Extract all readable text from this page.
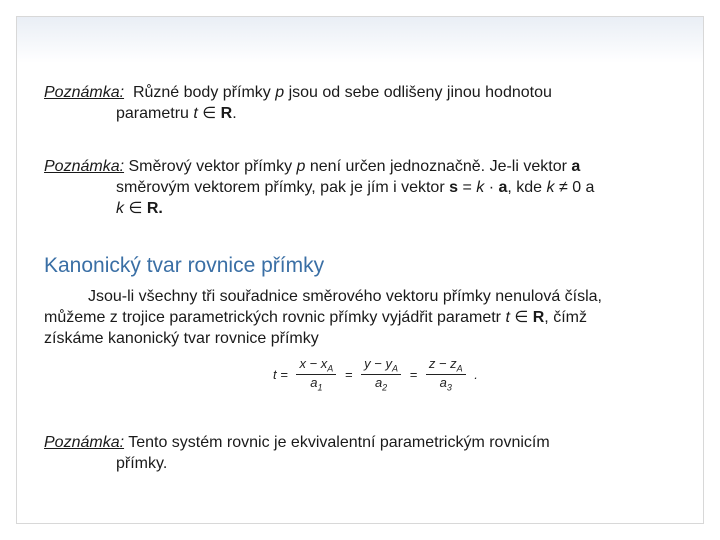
Poznámka: Různé body přímky p jsou od sebe odlišeny jinou hodnotou
parametru t ∈ R.
Poznámka: Směrový vektor přímky p není určen jednoznačně. Je-li vektor a
směrovým vektorem přímky, pak je jím i vektor s = k · a, kde k ≠ 0 a
k ∈ R.
Kanonický tvar rovnice přímky
Jsou-li všechny tři souřadnice směrového vektoru přímky nenulová čísla,
můžeme z trojice parametrických rovnic přímky vyjádřit parametr t ∈ R, čímž
získáme kanonický tvar rovnice přímky
$t = \frac{x - x_A}{a_1} = \frac{y - y_A}{a_2} = \frac{z - z_A}{a_3}$ .
Poznámka: Tento systém rovnic je ekvivalentní parametrickým rovnicím
přímky.
